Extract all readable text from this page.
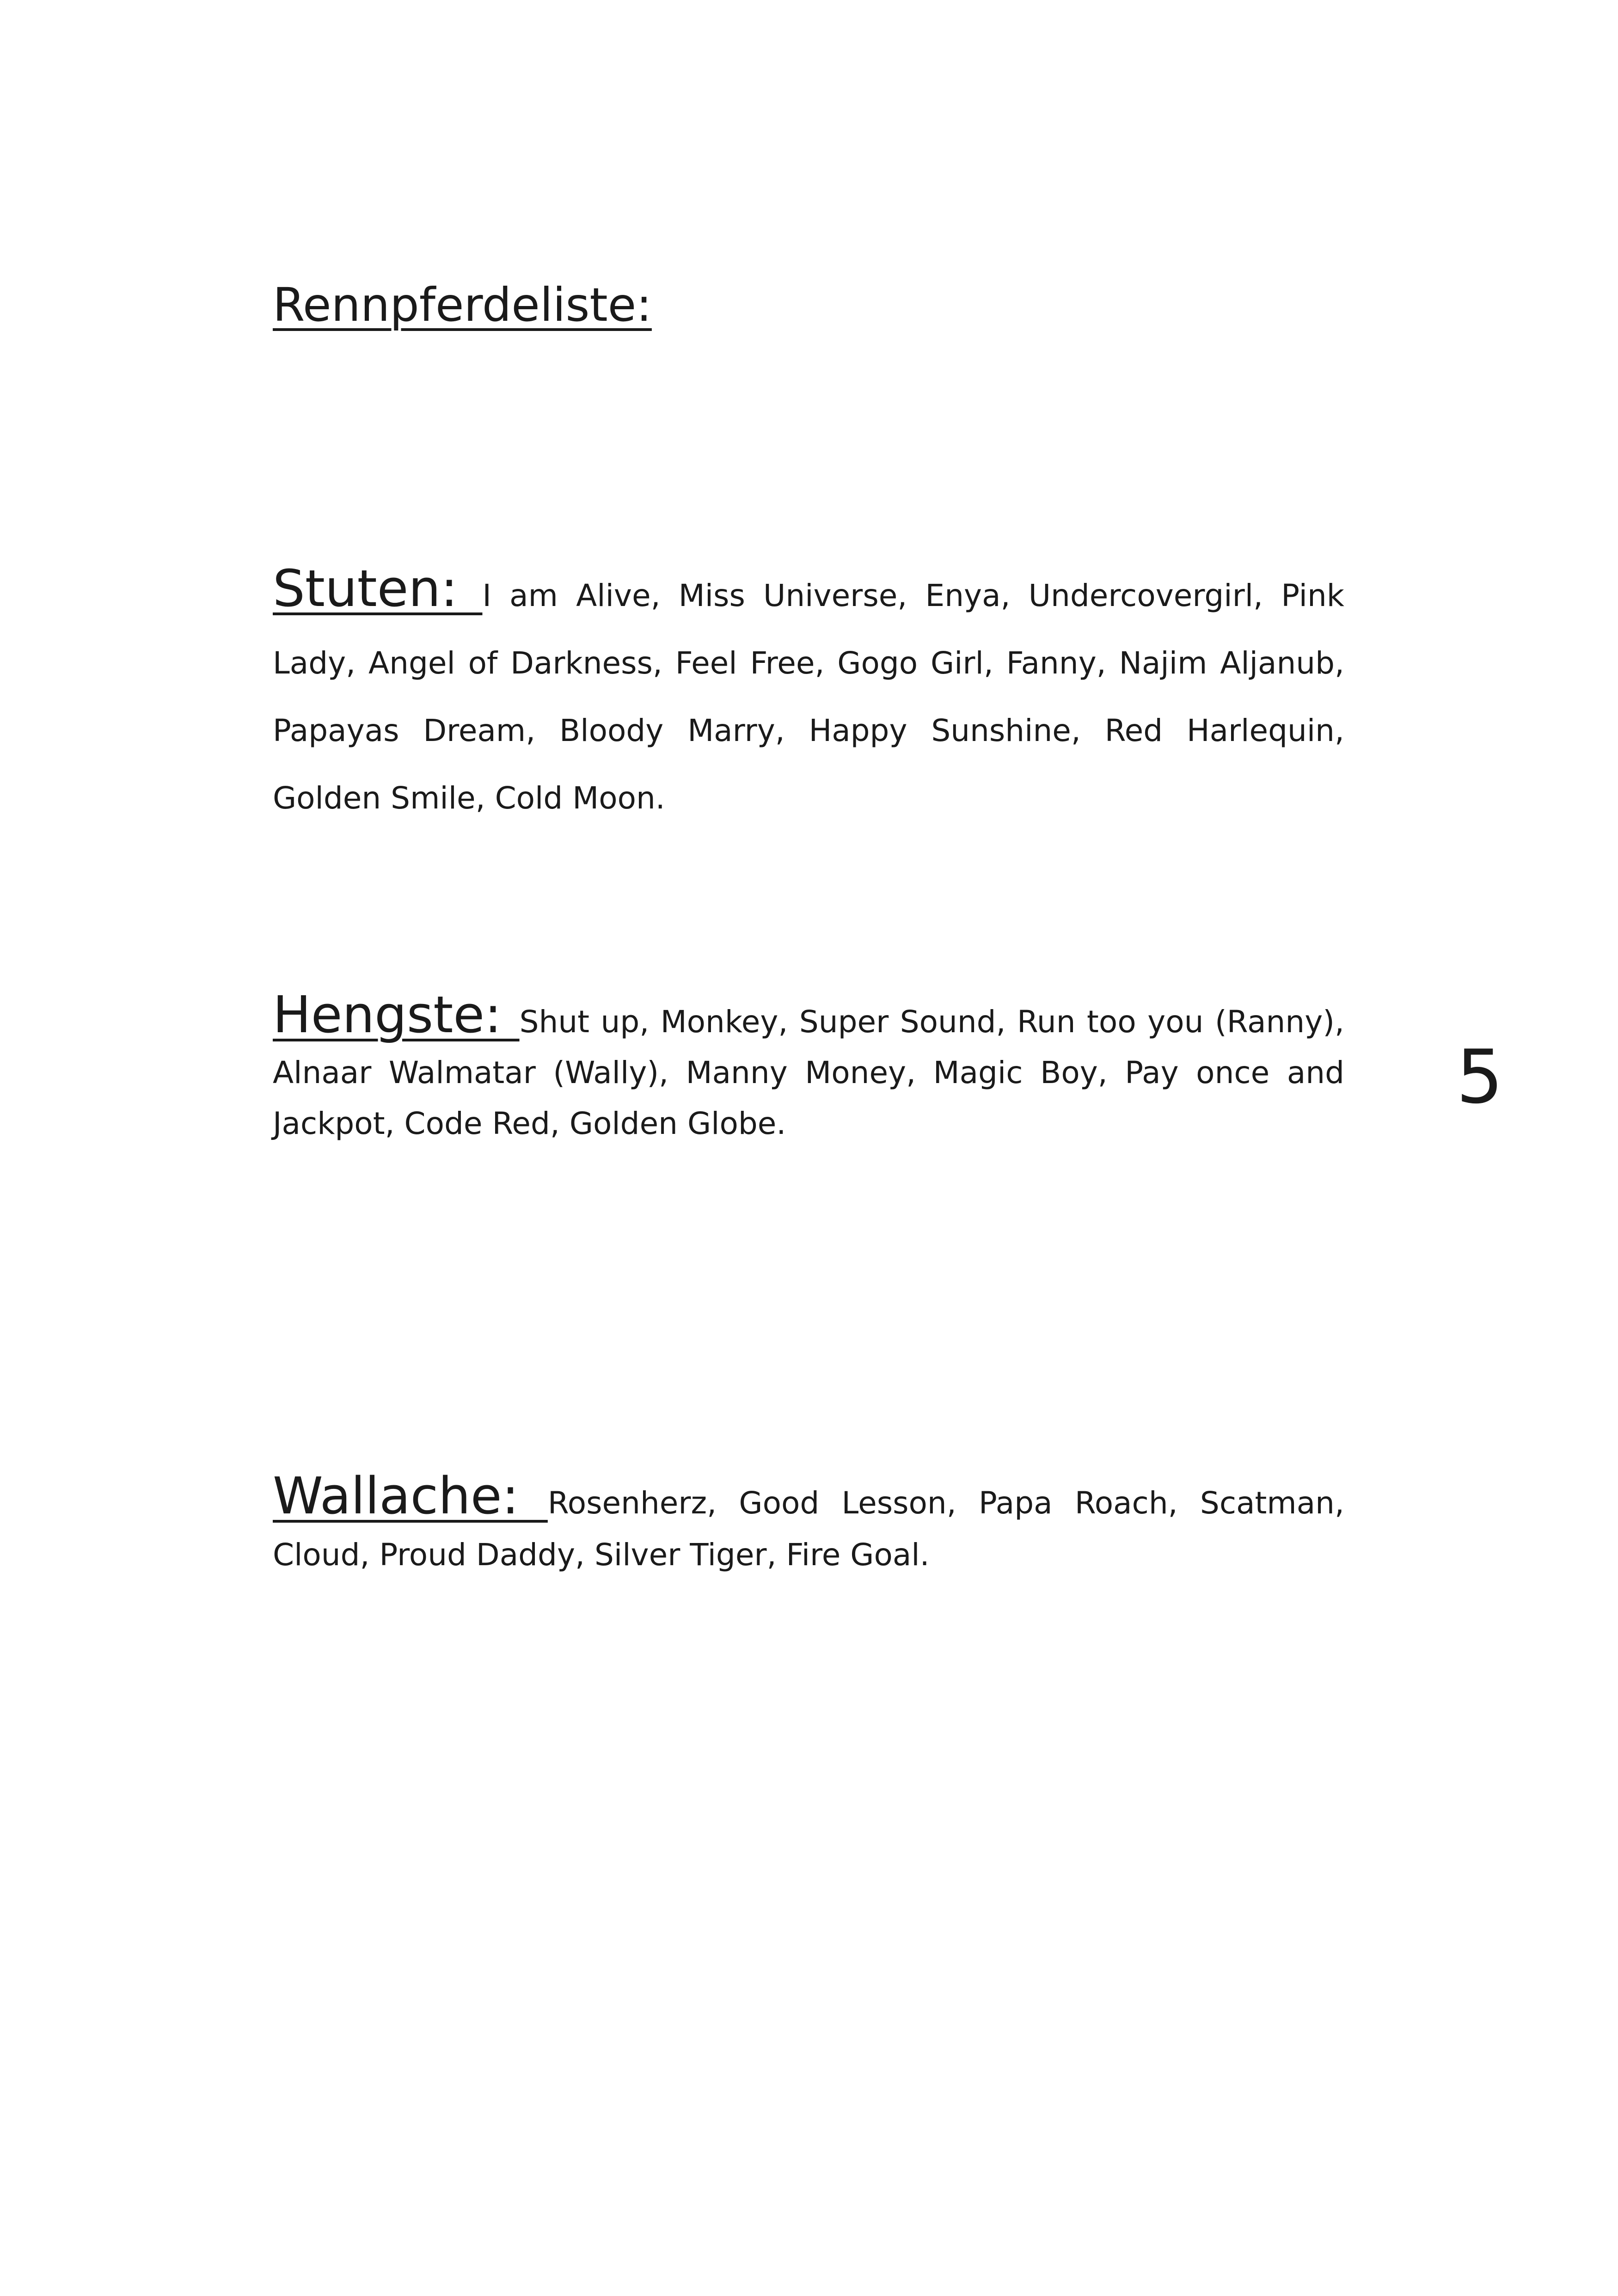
Rennpferdeliste:
Stuten: I am Alive, Miss Universe, Enya, Undercovergirl, Pink Lady, Angel of Darkness, Feel Free, Gogo Girl, Fanny, Najim Aljanub, Papayas Dream, Bloody Marry, Happy Sunshine, Red Harlequin, Golden Smile, Cold Moon.
Hengste: Shut up, Monkey, Super Sound, Run too you (Ranny), Alnaar Walmatar (Wally), Manny Money, Magic Boy, Pay once and Jackpot, Code Red, Golden Globe.
Wallache: Rosenherz, Good Lesson, Papa Roach, Scatman, Cloud, Proud Daddy, Silver Tiger, Fire Goal.
5
